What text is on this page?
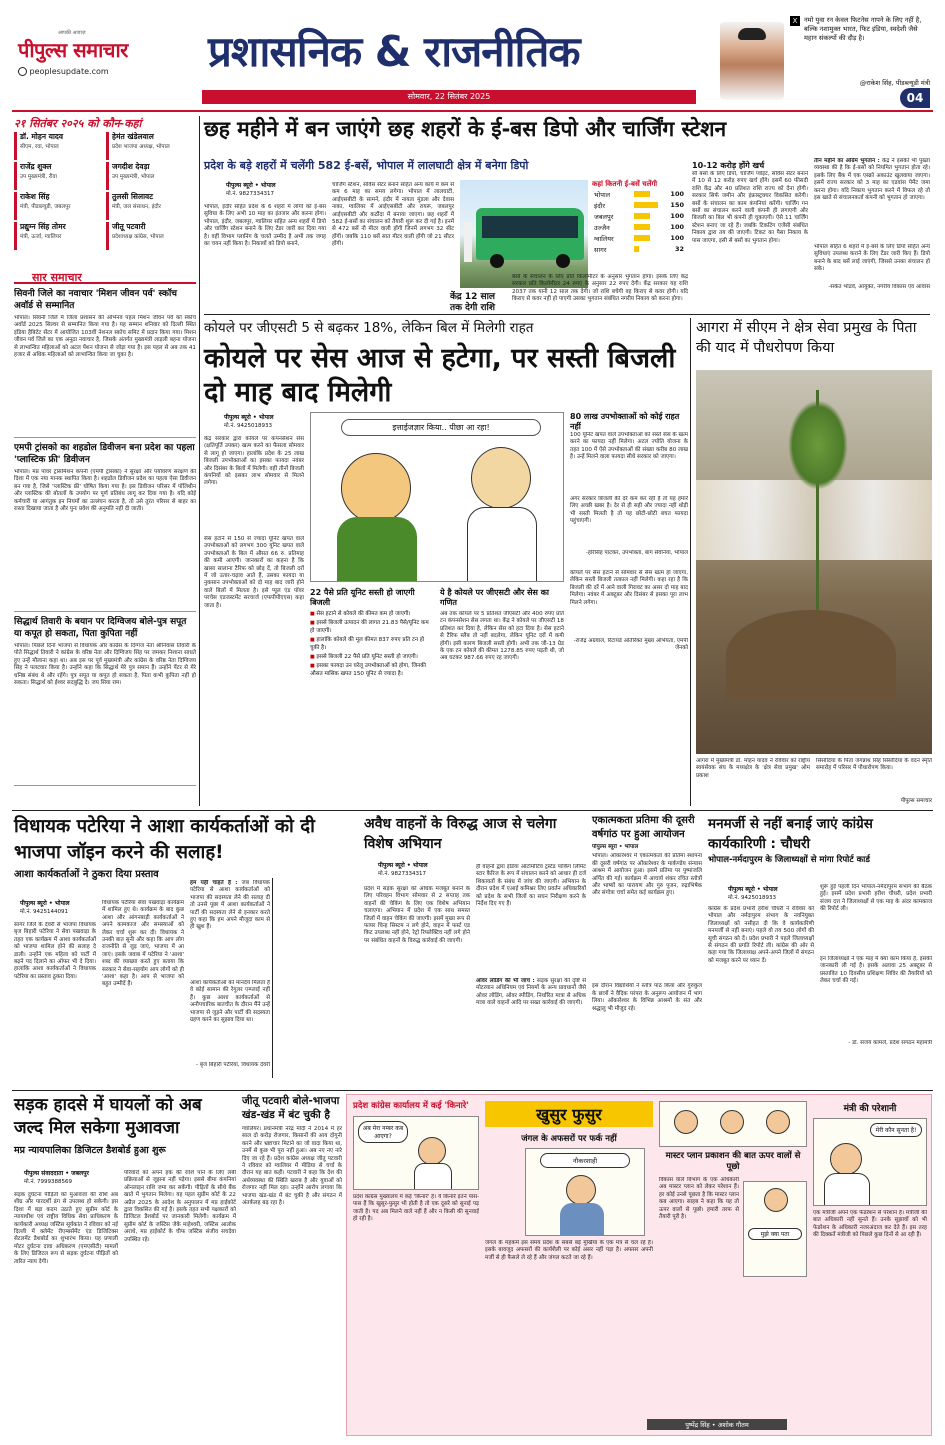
आपकी आवाज़
पीपुल्स समाचार
peoplesupdate.com	प्रशासनिक & राजनीतिक
सोमवार, 22 सितंबर 2025
X	नमो युवा रन केवल फिटनेस नापने के लिए नहीं है, बल्कि नशामुक्त भारत, फिट इंडिया, स्वदेशी जैसे महान संकल्पों की दौड़ है।
@राकेश सिंह, पीडब्ल्यूडी मंत्री
04
२१ सितंबर २०२५ को कौन-कहां
डॉ. मोहन यादव
सीएम, रवा, भोपाल
हेमंत खंडेलवाल
प्रदेश भाजपा अध्यक्ष, भोपाल
राजेंद्र शुक्ल
उप मुख्यमंत्री, रीवा
जगदीश देवड़ा
उप मुख्यमंत्री, भोपाल
राकेश सिंह
मंत्री, पीडब्ल्यूडी, जबलपुर
तुलसी सिलावट
मंत्री, जल संसाधन, इंदौर
प्रद्युम्न सिंह तोमर
मंत्री, ऊर्जा, ग्वालियर
जीतू पटवारी
प्रदेशाध्यक्ष कांग्रेस, भोपाल
सार समाचार
सिवनी जिले का नवाचार 'मिशन जीवन पर्व' स्कॉच अवॉर्ड से सम्मानित
भोपाल। सिवनी जिले में जिला प्रशासन की अभिनव पहल मिशन जीवन पर्व को स्कॉच अवॉर्ड 2025 सिल्वर से सम्मानित किया गया है। यह सम्मान शनिवार को दिल्ली स्थित इंडिया हैबिटेट सेंटर में आयोजित 103वीं नेशनल स्कॉच समिट में प्रदान किया गया। मिशन जीवन पर्व जिले का एक अनूठा नवाचार है, जिसके अंतर्गत मुख्यमंत्री लाड़ली बहना योजना से लाभान्वित महिलाओं को अटल पेंशन योजना से जोड़ा गया है। इस पहल से अब तक 41 हजार से अधिक महिलाओं को लाभान्वित किया जा चुका है।
एमपी ट्रांसको का शहडोल डिवीजन बना प्रदेश का पहला 'प्लास्टिक फ्री' डिवीजन
भोपाल। मप्र पॉवर ट्रांसमिशन कंपनी (एमपी ट्रांसको) ने सुरक्षा और पर्यावरण संरक्षण की दिशा में एक नया मानक स्थापित किया है। शहडोल डिवीजन प्रदेश का पहला ऐसा डिवीजन बन गया है, जिसे 'प्लास्टिक फ्री' घोषित किया गया है। इस डिवीजन परिसर में पॉलिथीन और प्लास्टिक की बोतलों के उपयोग पर पूर्ण प्रतिबंध लागू कर दिया गया है। यदि कोई कर्मचारी या आगंतुक इन नियमों का उल्लंघन करता है, तो उसे तुरंत परिसर से बाहर का रास्ता दिखाया जाता है और पुनः प्रवेश की अनुमति नहीं दी जाती।
सिद्धार्थ तिवारी के बयान पर दिग्विजय बोले-पुत्र सपूत या कपूत हो सकता, पिता कुपिता नहीं
भोपाल। पिछले दिनों भाजपा से विधायक और कांग्रेस के दिग्गज नेता श्रीनिवास तिवारी के पोते सिद्धार्थ तिवारी ने कांग्रेस के वरिष्ठ नेता और दिग्विजय सिंह पर जमकर निशाना साधते हुए उन्हें मौलाना कहा था। अब इस पर पूर्व मुख्यमंत्री और कांग्रेस के वरिष्ठ नेता दिग्विजय सिंह ने पलटवार किया है। उन्होंने कहा कि सिद्धार्थ मेरे पुत्र समान हैं। उन्होंने पेंटर से मेरे धनिष्ठ संबंध थे और रहेंगे। पुत्र सपूत या कपूत हो सकता है, पिता कभी कुपिता नहीं हो सकता। सिद्धार्थ को ईश्वर सदबुद्धि दे। जय सिया राम।
छह महीने में बन जाएंगे छह शहरों के ई-बस डिपो और चार्जिंग स्टेशन
प्रदेश के बड़े शहरों में चलेंगी 582 ई-बसें, भोपाल में लालघाटी क्षेत्र में बनेगा डिपो
पीपुल्स ब्यूरो • भोपाल
मो.नं. 9827334317
भोपाल, इंदौर सहित प्रदेश के 6 शहरों में लोगों को ई-बस सुविधा के लिए अभी 10 माह का इंतजार और करना होगा। भोपाल, इंदौर, जबलपुर, ग्वालियर सहित अन्य शहरों में डिपो और चार्जिंग स्टेशन बनाने के लिए टेंडर जारी कर दिया गया है। वहीं विभाग प्लानिंग के चलते उम्मीद है अभी तक जगह का चयन नहीं किया है। निकायों को डिपो बनाने,
चार्जिंग स्टेशन, सर्विस सेंटर बनाने सहित अन्य कार्य में कम से कम 6 माह का समय लगेगा। भोपाल में लालघाटी, आईएसबीटी के सामने, इंदौर में नायता मुंडला और देवास नाका, ग्वालियर में आईएसबीटी और रायरू, जबलपुर आईएसबीटी और कठौंदा में बनाया जाएगा। छह शहरों में 582 ई-बसों का संचालन को तैयारी शुरू कर दी गई है। इनमें से 472 बसें नौ मीटर वाली होंगी जिनमें लगभग 32 सीट होंगी। जबकि 110 बसें सात मीटर वाली होंगी जो 21 सीटर होंगी।
केंद्र 12 साल तक देगी राशि
कहां कितनी ई-बसें चलेंगी
भोपाल		100
इंदौर		150
जबलपुर		100
उज्जैन		100
ग्वालियर		100
सागर		32
बसों के संचालन के लिए प्रति किलोमीटर के अनुसार भुगतान होगा। इसके लिए केंद्र सरकार प्रति किलोमीटर 24 रुपए के अनुसार 22 रुपए देगी। केंद्र सरकार यह राशि 2037 तक यानी 12 साल तक देगी। जो राशि बचेगी वह किराए से कवर होगी। यदि किराए से कवर नहीं हो पाएगी उसका भुगतान संबंधित नगरीय निकाय को करना होगा।
10-12 करोड़ होंगे खर्च
सौ बसों के लिए डिपो, चार्जिंग प्वॉइंट, सर्विस सेंटर बनाने में 10 से 12 करोड़ रुपए खर्च होंगे। इसमें 60 फीसदी राशि केंद्र और 40 प्रतिशत राशि राज्य को देना होगी। सरकार सिर्फ जमीन और इंफ्रास्ट्रक्चर विकसित करेगी। बसों के संचालन का काम कंपनियां करेंगी। चार्जिंग गन बसों का संचालन करने वाली कंपनी ही लगाएगी और बिजली का बिल भी कंपनी ही चुकाएगी। ऐसे 11 चार्जिंग स्टेशन बनाए जा रहे हैं। जबकि टिकटिंग एजेंसी संबंधित निकाय द्वारा तय की जाएगी। टिकट का पैसा निकाय के पास जाएगा, इसी से बसों का भुगतान होगा।
तीन महीने का अग्रिम भुगतान : केंद्र ने इसकी भी पुख्ता व्यवस्था की है कि ई-बसों को नियमित भुगतान होता रहे। इसके लिए बैंक में एक एस्क्रो अकाउंट खुलवाया जाएगा। इसमें राज्य सरकार को 3 माह का एडवांस पेमेंट जमा करना होगा। यदि निकाय भुगतान करने में विफल रहे तो इस खाते से संचालनकर्ता कंपनी को भुगतान हो जाएगा।
भोपाल सहित 6 शहरों में ई-बसें के लिए डिपो सहित अन्य सुविधाएं उपलब्ध कराने के लिए टेंडर जारी किए हैं। डिपो बनाने के बाद बसें लाई जाएंगी, जिससे उनका संचालन हो सके।
-संकेत भोंडवे, आयुक्त, नगरीय विकास एवं आवास
कोयले पर जीएसटी 5 से बढ़कर 18%, लेकिन बिल में मिलेगी राहत
कोयले पर सेस आज से हटेगा, पर सस्ती बिजली दो माह बाद मिलेगी
पीपुल्स ब्यूरो • भोपाल
मो.नं. 9425018933
केंद्र सरकार द्वारा कोयले पर कंपनसेशन सेस (क्षतिपूर्ति उपकर) खत्म करने का फैसला सोमवार से लागू हो जाएगा। हालांकि प्रदेश के 25 लाख बिजली उपभोक्ताओं का इसका फायदा नवंबर और दिसंबर के बिलों में मिलेगी। वहीं तीनों बिजली कंपनियों को इसका लाभ सोमवार से मिलने लगेगा।
सेस हटाने से 150 से ज्यादा यूनिट खपत वाले उपभोक्ताओं को लगभग 300 यूनिट खपत वाले उपभोक्ताओं के बिल में औसत 66 रु. प्रतिमाह की कमी आएगी। जानकारों का कहना है कि खासा सालाना टैरिफ को छोड़ दें, तो बिजली दरों में जो उतार-चढ़ाव आते हैं, उसका फायदा या नुकसान उपभोक्ताओं को दो माह बाद जारी होने वाले बिलों में मिलता है। इसे प्यूल एंड पॉवर परचेस एडजस्टमेंट सरचार्ज (एफपीपीएएस) कहा जाता है।
इत्ताईजज्ञार किया.. पीछा आ रहा!
22 पैसे प्रति यूनिट सस्ती हो जाएगी बिजली
■ सेस हटाने से कोयले की कीमत कम हो जाएगी।
■ इससे बिजली उत्पादन की लागत 21.83 पैसे/यूनिट कम हो जाएगी।
■ हालांकि कोयले की मूल कीमत 837 रुपए प्रति टन हो चुकी है।
■ इससे बिजली 22 पैसे प्रति यूनिट सस्ती हो जाएगी।
■ इसका फायदा उन घरेलू उपभोक्ताओं को होगा, जिनकी औसत मासिक खपत 150 यूनिट से ज्यादा है।
ये है कोयले पर जीएसटी और सेस का गणित
अब तक कोयले पर 5 प्रतिशत जीएसटी और 400 रुपए प्रति टन कंपनसेशन सेस लगता था। केंद्र ने कोयले पर जीएसटी 18 प्रतिशत कर दिया है, लेकिन सेस को हटा दिया है। सेस हटाने से टैरिफ स्लैब तो नहीं बदलेगा, लेकिन यूनिट दरों में कमी होगी। इसी कारण बिजली सस्ती होगी। अभी तक जी-13 ग्रेड के एक टन कोयले की कीमत 1278.85 रुपए पड़ती थी, जो अब घटकर 987.66 रुपए रह जाएगी।
80 लाख उपभोक्ताओं को कोई राहत नहीं
100 यूनिट खपत वाले उपभोक्ताओं को सस्ते सेस के खत्म करने का फायदा नहीं मिलेगा। अटल ज्योति योजना के तहत 100 में ऐसे उपभोक्ताओं की संख्या करीब 80 लाख है। उन्हें मिलने वाला फायदा सीधे सरकार को जाएगा।
अगर सरकार बिजली की दरें कम कर रही है तो यह हमारे लिए अच्छी खबर है। देर से ही सही और ज्यादा नहीं थोड़ी भी सस्ती मिलती है तो यह छोटी-छोटी बचत फायदा पहुंचाएगी।
-हरिसिंह पाटकर, उपभोक्ता, बाग सेवनिया, भोपाल
कोयले पर सेस हटाने से सोमवार से सेस खत्म हो जाएगा, लेकिन सस्ती बिजली तत्काल नहीं मिलेगी। कहा रहा है कि बिजली की दरें में आने वाली गिरावट का असर दो माह बाद मिलेगा। नवंबर में अक्टूबर और दिसंबर से इसका पूरा लाभ मिलने लगेगा।
-राजेंद्र अग्रवाल, रिटायर्ड अतिरिक्त मुख्य अभियंता, एमपी जेनको
आगरा में सीएम ने क्षेत्र सेवा प्रमुख के पिता की याद में पौधरोपण किया
आगरा में मुख्यमंत्री डॉ. मोहन यादव ने रविवार को राष्ट्रीय स्वयंसेवक संघ के मध्यक्षेत्र के 'क्षेत्र सेवा प्रमुख' ओम प्रकाश
सिसोदिया के पिता जगन्नाथ सिंह सिसोदिया के वंदन स्मृति समारोह में परिसर में पौधारोपण किया।
पीपुल्स समाचार
विधायक पटेरिया ने आशा कार्यकर्ताओं को दी भाजपा जॉइन करने की सलाह!
आशा कार्यकर्ताओं ने ठुकरा दिया प्रस्ताव
पीपुल्स ब्यूरो • भोपाल
मो.नं. 9425144091
सागर जिले के देवरी से भाजपा विधायक बृज बिहारी पटेरिया ने सेवा पखवाड़ा के तहत एक कार्यक्रम में आशा कार्यकर्ताओं को भाजपा शामिल होने की सलाह दे डाली। उन्होंने एक महिला को पार्टी में बढ़ने पद दिलाने का ऑफर भी दे दिया। हालांकि आशा कार्यकर्ताओं ने विधायक पटेरिया का प्रस्ताव ठुकरा दिया।
विधायक पटेरिया सेवा पखवाड़ा कार्यक्रम में शामिल हुए थे। कार्यक्रम के बाद कुछ आशा और आंगनबाड़ी कार्यकर्ताओं ने अपने कामकाज और समस्याओं को लेकर चर्चा शुरू कर दी। विधायक ने उनकी बात सुनी और कहा कि आप लोग राजनीति से जुड़ जाएं, भाजपा में आ जाएं। इसके जवाब में पटेरिया ने 'आशा' शब्द की व्याख्या करते हुए बताया कि सरकार ने सेवा-सहयोग आप लोगों को ही 'आशा' कहा है। आप से भाजपा को बहुत उम्मीदें हैं।
हम यही चाहते हैं : जब विधायक पटेरिया से आशा कार्यकर्ताओं को भाजपा की सदस्यता लेने की सलाह दी तो उनसे पूछा में आशा कार्यकर्ताओं ने पार्टी की सदस्यता लेने से इनकार करते हुए कहा कि हम अपने मौजूदा काम से ही खुश हैं।
आशा कार्यकर्ताओं को मानदेय मिलता है वे कोई सामान की रेगुलर एम्प्लाई नहीं हैं। कुछ आशा कार्यकर्ताओं से अनौपचारिक बातचीत के दौरान मैंने उन्हें भाजपा से जुड़ने और पार्टी की सदस्यता ग्रहण करने का सुझाव दिया था।
- बृज बिहारी पटेरिया, विधायक देवरी
अवैध वाहनों के विरुद्ध आज से चलेगा विशेष अभियान
पीपुल्स ब्यूरो • भोपाल
मो.नं. 9827334317
प्रदेश में सड़क सुरक्षा को अधिक मजबूत बनाने के लिए परिवहन विभाग सोमवार से 2 सप्ताह तक वाहनों की चेकिंग के लिए एक विशेष अभियान चलाएगा। अभियान में प्रदेश में एक साथ समस्त जिलों में वाहन चेकिंग की जाएगी। इसमें मुख्य रूप से फायर चिन्ह सिस्टम न लगे होने, वाहन में फर्स्ट एड किट उपलब्ध नहीं होने, रेट्रो रिफ्लेक्टिव नहीं लगे होने पर संबंधित वाहनों के विरुद्ध कार्रवाई की जाएगी।
ही वाहनों द्वारा इंडिया ऑटोमोटिव ट्रस्टेड पार्किंग लिमिट स्टार कैरिज के रूप में संचालन करने को आधार ही दर्ज शिकायतों के संबंध में जांच की जाएगी। अभियान के दौरान प्रदेश में एआई कमिश्नर लिए प्रवर्तन अधिकारियों को प्रदेश के सभी जिलों का सघन निरीक्षण करने के निर्देश दिए गए हैं।
ओवर लोडिंग की भी जांच : सड़क सुरक्षा की दृष्टि से मोटरयान अधिनियम एवं नियमों के अन्य प्रावधानों जैसे ओवर लोडिंग, ओवर स्पीडिंग, निर्धारित मात्रा से अधिक मात्रा वाले वाहनों आदि पर सख्त कार्रवाई की जाएगी।
एकात्मकता प्रतिमा की दूसरी वर्षगांठ पर हुआ आयोजन
पीपुल्स ब्यूरो • भोपाल
भोपाल। ओंकारेश्वर में एकात्मकता की प्रतिमा स्थापना की दूसरी वर्षगांठ पर ओंकारेश्वर के मार्कण्डेय संन्यास आश्रम में आयोजन हुआ। इसमें प्रतिमा पर पुष्पांजलि अर्पित की गई। कार्यक्रम में आचार्य शंकर रचित स्तोत्रों और भाष्यों का पारायण और गुरु पूजन, रुद्राभिषेक और संगोत्रा चर्चा समेत कई कार्यक्रम हुए।
इस दौरान विद्यार्थियों ने स्तोत्र पाठ किया और गुरुकुल के छात्रों ने वैदिक परंपरा के अनुरूप आयोजन में भाग लिया। ओंकारेश्वर के विभिन्न आश्रमों के संत और श्रद्धालु भी मौजूद रहे।
मनमर्जी से नहीं बनाई जाएं कांग्रेस कार्यकारिणी : चौधरी
भोपाल-नर्मदापुरम के जिलाध्यक्षों से मांगा रिपोर्ट कार्ड
पीपुल्स ब्यूरो • भोपाल
मो.नं. 9425018933
कांग्रेस के प्रदेश प्रभारी हरीश चौधरी ने रविवार को भोपाल और नर्मदापुरम संभाग के नवनियुक्त जिलाध्यक्षों को नसीहत दी कि वे कार्यकारिणी मनमर्जी से नहीं बनाएं। पहले वो तय 500 लोगों की सूची संगठन को दें। प्रदेश प्रभारी ने पहले जिलाध्यक्षों से संगठन की प्रगति रिपोर्ट ली। कांग्रेस की ओर से कहा गया कि जिलाध्यक्ष अपने-अपने जिलों में संगठन को मजबूत करने पर ध्यान दें।
शुरू हुई पहली दिन भोपाल-नर्मदापुरम संभाग की बैठक हुई। इसमें प्रदेश प्रभारी हरीश चौधरी, प्रदेश प्रभारी संजय दत्त ने जिलाध्यक्षों से एक माह के अंदर कामकाज की रिपोर्ट ली।
इन जिलाध्यक्षों ने एक माह में क्या काम किया है, इसकी जानकारी ली गई है। इसके अलावा 25 अक्टूबर से प्रस्तावित 10 दिवसीय प्रशिक्षण शिविर की तैयारियों को लेकर चर्चा की गई।
- डॉ. संजय कामले, प्रदेश संगठन महामंत्री
सड़क हादसे में घायलों को अब जल्द मिल सकेगा मुआवजा
मप्र न्यायपालिका डिजिटल डैशबोर्ड हुआ शुरू
पीपुल्स संवाददाता • जबलपुर
मो.नं. 7999388569
सड़क दुर्घटना पीड़ितों को मुआवजा की राशि अब शीघ्र और पारदर्शी ढंग से उपलब्ध हो सकेगी। इस दिशा में बड़ा कदम उठाते हुए सुप्रीम कोर्ट के न्यायाधीश एवं राष्ट्रीय विधिक सेवा प्राधिकरण के कार्यकारी अध्यक्ष जस्टिस सूर्यकांत ने रविवार को नई दिल्ली में क्लेमेंट रीएम्बर्समेंट एंड डिजिटिक्स सेटलमेंट डैशबोर्ड का शुभारंभ किया। यह प्रणाली मोटर दुर्घटना दावा अधिकरण (एमएसीटी) मामलों के लिए डिजिटल रूप से सड़क दुर्घटना पीड़ितों को त्वरित न्याय देगी।
परिवारों को अपने हक की राशि पाने के लिए लंबी प्रक्रियाओं से जूझना नहीं पड़ेगा। इससे बीमा कंपनियां ऑनलाइन राशि जमा कर सकेंगी। पीड़ितों के सीधे बैंक खाते में भुगतान मिलेगा। यह पहल सुप्रीम कोर्ट के 22 अप्रैल 2025 के आदेश के अनुपालन में मप्र हाईकोर्ट द्वारा विकसित की गई है। इसके तहत सभी पक्षकारों को डिजिटल डैशबोर्ड पर जानकारी मिलेगी। कार्यक्रम में सुप्रीम कोर्ट के जस्टिस जेके माहेश्वरी, जस्टिस आलोक अराधे, मप्र हाईकोर्ट के चीफ जस्टिस संजीव सचदेवा उपस्थित रहे।
जीतू पटवारी बोले-भाजपा खंड-खंड में बंट चुकी है
ग्वालियर। प्रधानमंत्री नरेंद्र मोदी ने 2014 में हर साल दो करोड़ रोजगार, किसानों की आय दोगुनी करने और भ्रष्टाचार मिटाने का जो वादा किया था, उनमें से कुछ भी पूरा नहीं हुआ। अब नए नए नारे दिए जा रहे हैं। प्रदेश कांग्रेस अध्यक्ष जीतू पटवारी ने रविवार को ग्वालियर में मीडिया से चर्चा के दौरान यह बात कही। पटवारी ने कहा कि देश की अर्थव्यवस्था की स्थिति खराब है और युवाओं को रोजगार नहीं मिल रहा। उन्होंने आरोप लगाया कि भाजपा खंड-खंड में बंट चुकी है और संगठन में अंतर्कलह बढ़ रहा है।
प्रदेश कांग्रेस कार्यालय में कई 'किनारे'
अब मेरा नम्बर कब आएगा?
प्रदेश कांग्रेस मुख्यालय में कई 'किनारे' हैं। ये किनारे इतने पास-पास हैं कि खुसुर-फुसुर भी होती है तो एक दूसरे को सुनाई पड़ जाती है। पद अब मिलने वाले नहीं हैं और न किसी की सुनवाई हो रही है।
खुसुर फुसुर
जंगल के अफसरों पर फर्क नहीं
नौकरशाही
जंगल के महकमे इस समय प्रदेश के सबसे बड़े मुखिया के एक मंत्र से चल रहे हैं। इसके बावजूद अफसरों की कार्यशैली पर कोई असर नहीं पड़ा है। अफसर अपनी मर्जी से ही फैसले ले रहे हैं और जंगल कटते जा रहे हैं।
मास्टर प्लान प्रकाशन की बात ऊपर वालों से पूछो
विकास वाले विभाग के एक अधिकारी अब मास्टर प्लान को लेकर परेशान हैं। हर कोई उनसे पूछता है कि मास्टर प्लान कब आएगा। साहब ने कहा कि यह तो ऊपर वालों से पूछो। हमारी तरफ से तैयारी पूरी है।
मुझे क्या पता
मंत्री की परेशानी
मेरी कौन सुनता है!
एक मंत्रीजी अपने एक फेडरेशन से परेशान हैं। मंत्रीजी की बात अधिकारी नहीं सुनते हैं। उनके सुझावों को भी फेडरेशन के अधिकारी नजरअंदाज कर देते हैं। इस तरह की दिक्कतें मंत्रीजी को पिछले कुछ दिनों से आ रही हैं।
पुष्पेंद्र सिंह • अशोक गौतम
